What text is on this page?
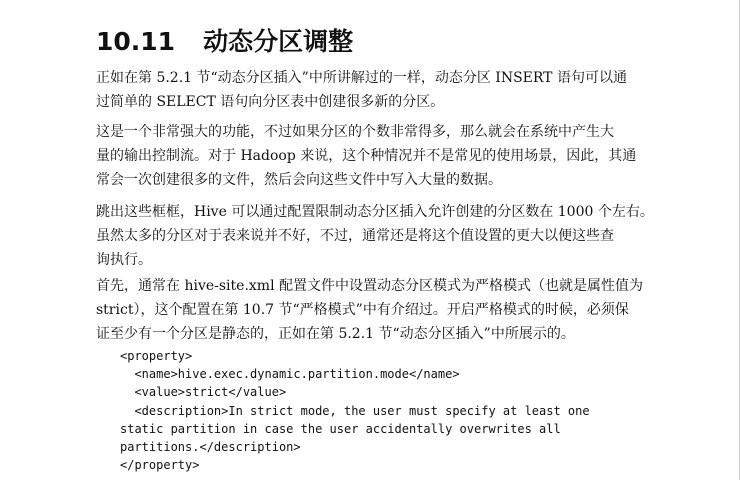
10.11 动态分区调整
正如在第 5.2.1 节“动态分区插入”中所讲解过的一样，动态分区 INSERT 语句可以通
过简单的 SELECT 语句向分区表中创建很多新的分区。
这是一个非常强大的功能，不过如果分区的个数非常得多，那么就会在系统中产生大
量的输出控制流。对于 Hadoop 来说，这个种情况并不是常见的使用场景，因此，其通
常会一次创建很多的文件，然后会向这些文件中写入大量的数据。
跳出这些框框，Hive 可以通过配置限制动态分区插入允许创建的分区数在 1000 个左右。
虽然太多的分区对于表来说并不好，不过，通常还是将这个值设置的更大以便这些查
询执行。
首先，通常在 hive-site.xml 配置文件中设置动态分区模式为严格模式（也就是属性值为
strict），这个配置在第 10.7 节“严格模式”中有介绍过。开启严格模式的时候，必须保
证至少有一个分区是静态的，正如在第 5.2.1 节“动态分区插入”中所展示的。
<property>
<name>hive.exec.dynamic.partition.mode</name>
<value>strict</value>
<description>In strict mode, the user must specify at least one
static partition in case the user accidentally overwrites all
partitions.</description>
</property>
